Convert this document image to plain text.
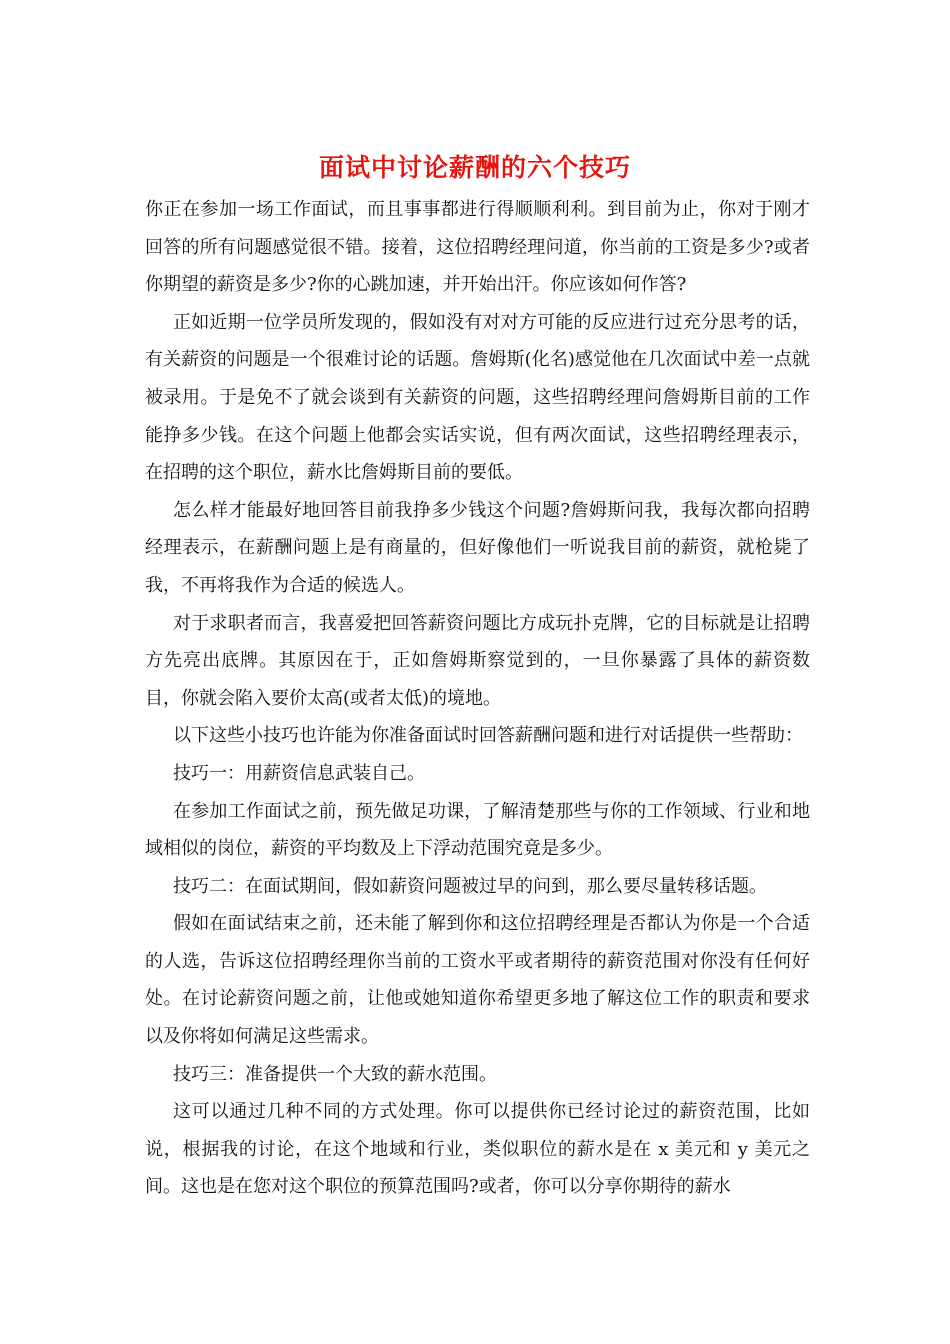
面试中讨论薪酬的六个技巧

你正在参加一场工作面试，而且事事都进行得顺顺利利。到目前为止，你对于刚才回答的所有问题感觉很不错。接着，这位招聘经理问道，你当前的工资是多少?或者你期望的薪资是多少?你的心跳加速，并开始出汗。你应该如何作答?

正如近期一位学员所发现的，假如没有对对方可能的反应进行过充分思考的话，有关薪资的问题是一个很难讨论的话题。詹姆斯(化名)感觉他在几次面试中差一点就被录用。于是免不了就会谈到有关薪资的问题，这些招聘经理问詹姆斯目前的工作能挣多少钱。在这个问题上他都会实话实说，但有两次面试，这些招聘经理表示，在招聘的这个职位，薪水比詹姆斯目前的要低。

怎么样才能最好地回答目前我挣多少钱这个问题?詹姆斯问我，我每次都向招聘经理表示，在薪酬问题上是有商量的，但好像他们一听说我目前的薪资，就枪毙了我，不再将我作为合适的候选人。

对于求职者而言，我喜爱把回答薪资问题比方成玩扑克牌，它的目标就是让招聘方先亮出底牌。其原因在于，正如詹姆斯察觉到的，一旦你暴露了具体的薪资数目，你就会陷入要价太高(或者太低)的境地。

以下这些小技巧也许能为你准备面试时回答薪酬问题和进行对话提供一些帮助：

技巧一：用薪资信息武装自己。

在参加工作面试之前，预先做足功课，了解清楚那些与你的工作领域、行业和地域相似的岗位，薪资的平均数及上下浮动范围究竟是多少。

技巧二：在面试期间，假如薪资问题被过早的问到，那么要尽量转移话题。

假如在面试结束之前，还未能了解到你和这位招聘经理是否都认为你是一个合适的人选，告诉这位招聘经理你当前的工资水平或者期待的薪资范围对你没有任何好处。在讨论薪资问题之前，让他或她知道你希望更多地了解这位工作的职责和要求以及你将如何满足这些需求。

技巧三：准备提供一个大致的薪水范围。

这可以通过几种不同的方式处理。你可以提供你已经讨论过的薪资范围，比如说，根据我的讨论，在这个地域和行业，类似职位的薪水是在 x 美元和 y 美元之间。这也是在您对这个职位的预算范围吗?或者，你可以分享你期待的薪水
